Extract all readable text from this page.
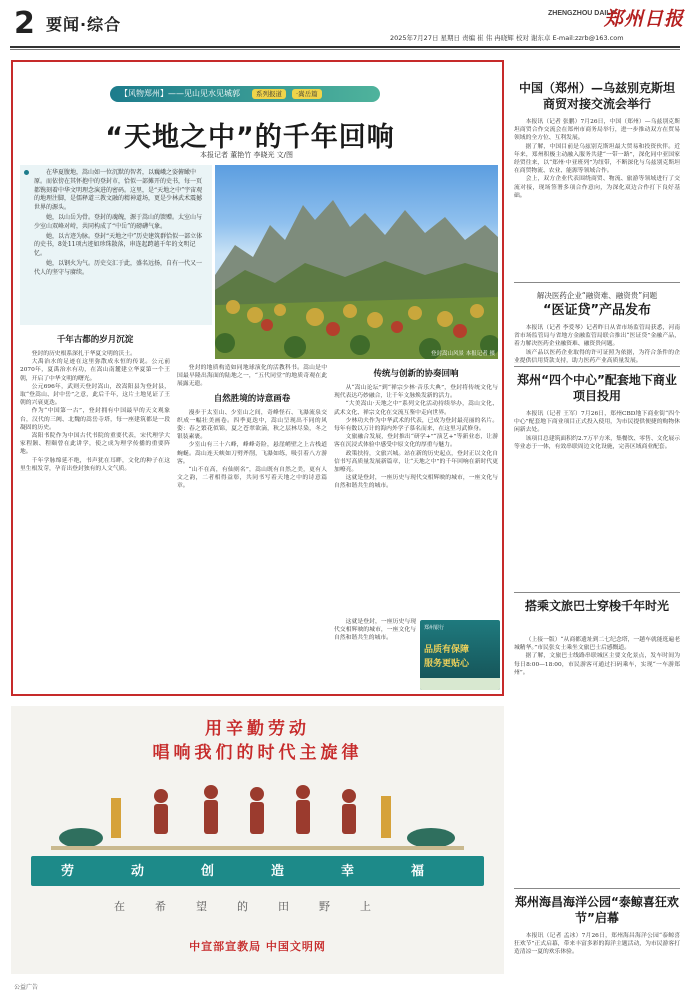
2 要闻·综合
ZHENGZHOU DAILY
郑州日报
2025年7月27日 星期日 责编 崔 伟 冉晓辉 校对 谢东卓 E-mail:zzrb@163.com
【风物郑州】——见山见水见城郭 系列报道 ·嵩岳篇
“天地之中”的千年回响
本报记者 董艳竹 李晓光 文/图

在华夏腹地，嵩山如一位沉默的智者，以巍峨之姿俯瞰中原。而依傍在其怀抱中的登封市，恰似一部摊开的史书，每一页都镌刻着中华文明理念演进的密码。这里，是“天地之中”宇宙观的地理注脚，是儒释道三教文融的精神道场，更是少林武术震撼世界的源头。

她，以山岳为骨。登封的魂魄，源于嵩山的馈赠。太室山与少室山双峰对峙，共同构成了“中岳”的磅礴气象。

她，以古迹为脉。登封“天地之中”历史建筑群恰似一部立体的史书，8处11项古迹如珍珠散落，串连起跨越千年的文明记忆。

她，以钢火为气。历史交汇于此，盛名远扬，自有一代又一代人的坚守与赓续。

登封嵩山风景 本报记者 摄
千年古都的岁月沉淀

登封的历史根系深扎于华夏文明的沃土。

大禹治水的足迹在这里弥散成永恒的传说。公元前2070年，夏禹治水有功，在嵩山南麓建立华夏第一个王朝，开启了中华文明的曙光。

公元696年，武则天登封嵩山，改嵩阳县为登封县，取“登嵩山、封中岳”之意，此后千年，这片土地见证了王朝的兴衰更迭。

作为“中国第一古”，登封拥有中国最早的天文观象台，汉代的三阙、北魏的嵩岳寺塔，每一座建筑都是一段凝固的历史。

嵩阳书院作为中国古代书院的重要代表，宋代理学大家程颢、程颐曾在此讲学，使之成为理学传播的重要阵地。

千年学脉绵延不绝，书声犹在耳畔，文化的种子在这里生根发芽，孕育出登封独有的人文气质。

登封的地质构造如同地球演化的活教科书。嵩山是中国最早隆出海面的陆地之一，“五代同堂”的地质奇观在此展露无遗。

自然胜境的诗意画卷

漫步于太室山、少室山之间，奇峰怪石、飞瀑流泉交织成一幅壮美画卷。四季更迭中，嵩山呈现出不同的风姿：春之繁花似锦，夏之苍翠欲滴，秋之层林尽染，冬之银装素裹。

少室山有三十六峰，峰峰奇险，悬崖峭壁之上古栈道蜿蜒。嵩山连天峡如刀劈斧削，飞瀑如练，吸引着八方游客。

“山不在高，有仙则名”，嵩山既有自然之美，更有人文之韵，二者相得益彰，共同书写着天地之中的诗意篇章。

传统与创新的协奏回响

从“嵩山论坛”到“禅宗少林·音乐大典”，登封将传统文化与现代表达巧妙融合，让千年文脉焕发新的活力。

“大美嵩山·天地之中”系列文化活动持续举办，嵩山文化、武术文化、禅宗文化在交流互鉴中走向世界。

少林功夫作为中华武术的代表，已成为登封最亮丽的名片。每年有数以万计的海内外学子慕名而来，在这里习武修身。

文旅融合发展，登封推出“研学+”“演艺+”等新业态，让游客在沉浸式体验中感受中原文化的厚重与魅力。

政策扶持，文旅兴城。站在新的历史起点，登封正以文化自信书写高质量发展新篇章，让“天地之中”的千年回响在新时代更加嘹亮。

这就是登封，一座历史与现代交相辉映的城市，一座文化与自然和谐共生的城市。

这就是登封，一座历史与现代交相辉映的城市，一座文化与自然和谐共生的城市。

郑州银行
品质有保障
服务更贴心
用辛勤劳动
唱响我们的时代主旋律
劳	动	创	造	幸	福
在希望的田野上
中宣部宣教局 中国文明网
公益广告
中国（郑州）—乌兹别克斯坦商贸对接交流会举行

本报讯（记者 张鹏）7月26日，中国（郑州）—乌兹别克斯坦商贸合作交流会在郑州市商务局举行，进一步推动双方在贸易领域的全方位、互利发展。

据了解，中国目前是乌兹别克斯坦最大贸易和投资伙伴。近年来，郑州积极主动融入服务共建“一带一路”，深化同中亚国家经贸往来，以“郑州·中亚班列”为纽带，不断深化与乌兹别克斯坦在商贸物流、农业、能源等领域合作。

会上，双方企业代表围绕商贸、物流、旅游等领域进行了交流对接，现场签署多项合作意向，为深化双边合作打下良好基础。

解决医药企业“融资难、融资贵”问题
“医证贷”产品发布

本报讯（记者 李爱琴）记者昨日从省市场监管局获悉，河南省市场监管局与省地方金融监管局联合推出“医证贷”金融产品，着力解决医药企业融资难、融资贵问题。

该产品以医药企业取得的许可证照为依据，为符合条件的企业提供信用贷款支持，助力医药产业高质量发展。

郑州“四个中心”配套地下商业项目投用

本报讯（记者 王军）7月26日，郑州CBD地下商业街“四个中心”配套地下商业项目正式投入使用，为市民提供便捷的购物休闲新去处。

该项目总建筑面积约2.7万平方米，集餐饮、零售、文化展示等业态于一体，有效串联周边文化设施，完善区域商业配套。

搭乘文旅巴士穿梭千年时光

（上接一版）“从商都遗址到二七纪念塔，一趟车就能逛遍老城精华。”市民张女士乘坐文旅巴士后感慨道。

据了解，文旅巴士线路串联城区主要文化景点，发车时间为每日8:00—18:00，市民游客可通过扫码乘车，实现“一车游郑州”。

郑州海昌海洋公园“泰鲸喜狂欢节”启幕

本报讯（记者 孟冰）7月26日，郑州海昌海洋公园“泰鲸喜狂欢节”正式启幕，带来丰富多彩的海洋主题活动，为市民游客打造清凉一夏的欢乐体验。
